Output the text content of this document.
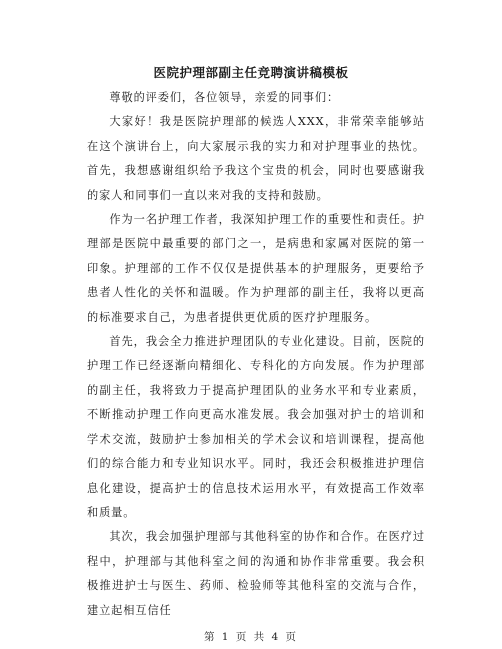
医院护理部副主任竞聘演讲稿模板

尊敬的评委们，各位领导，亲爱的同事们：

大家好！我是医院护理部的候选人XXX，非常荣幸能够站在这个演讲台上，向大家展示我的实力和对护理事业的热忱。首先，我想感谢组织给予我这个宝贵的机会，同时也要感谢我的家人和同事们一直以来对我的支持和鼓励。

作为一名护理工作者，我深知护理工作的重要性和责任。护理部是医院中最重要的部门之一，是病患和家属对医院的第一印象。护理部的工作不仅仅是提供基本的护理服务，更要给予患者人性化的关怀和温暖。作为护理部的副主任，我将以更高的标准要求自己，为患者提供更优质的医疗护理服务。

首先，我会全力推进护理团队的专业化建设。目前，医院的护理工作已经逐渐向精细化、专科化的方向发展。作为护理部的副主任，我将致力于提高护理团队的业务水平和专业素质，不断推动护理工作向更高水准发展。我会加强对护士的培训和学术交流，鼓励护士参加相关的学术会议和培训课程，提高他们的综合能力和专业知识水平。同时，我还会积极推进护理信息化建设，提高护士的信息技术运用水平，有效提高工作效率和质量。

其次，我会加强护理部与其他科室的协作和合作。在医疗过程中，护理部与其他科室之间的沟通和协作非常重要。我会积极推进护士与医生、药师、检验师等其他科室的交流与合作，建立起相互信任

第 1 页 共 4 页
